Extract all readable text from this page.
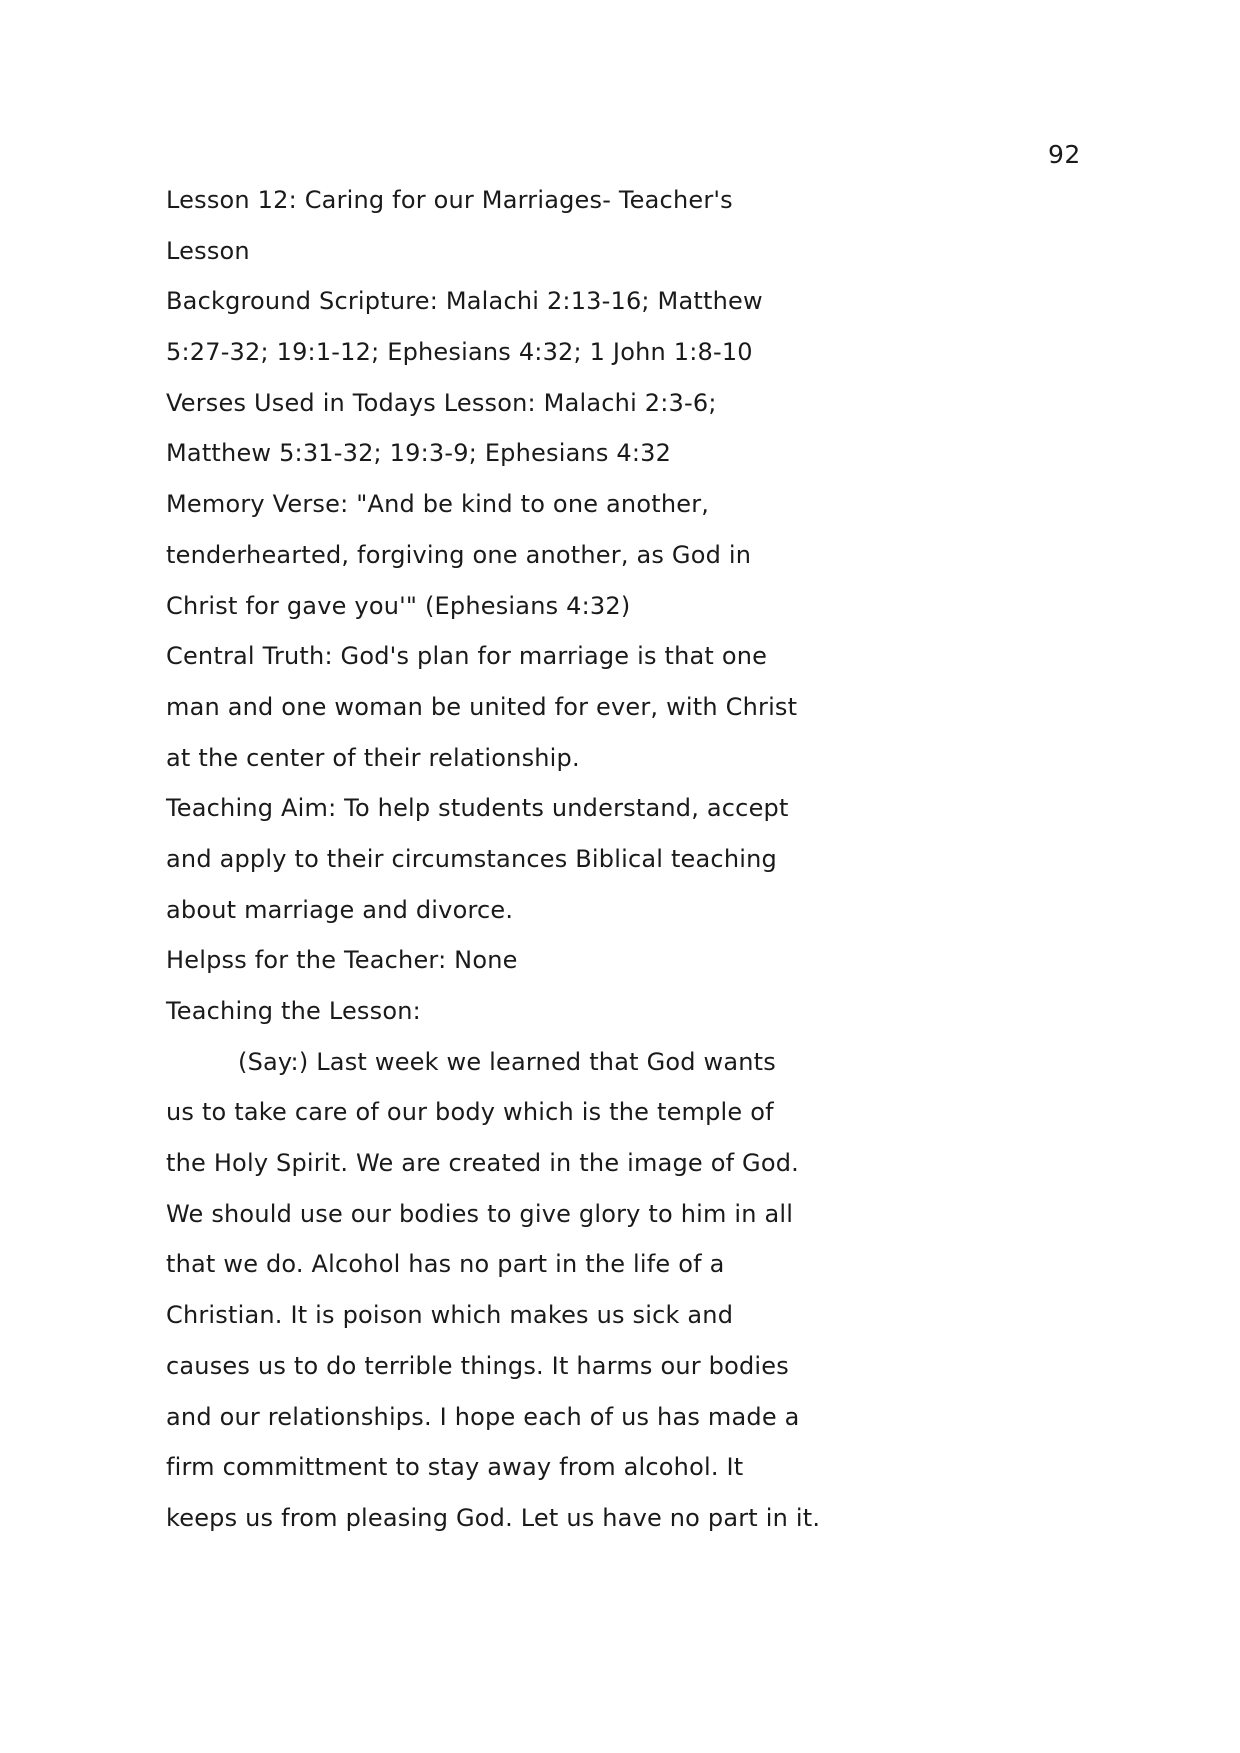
92
Lesson 12: Caring for our Marriages- Teacher's
Lesson
Background Scripture: Malachi 2:13-16; Matthew
5:27-32; 19:1-12; Ephesians 4:32; 1 John 1:8-10
Verses Used in Todays Lesson: Malachi 2:3-6;
Matthew 5:31-32; 19:3-9; Ephesians 4:32
Memory Verse: "And be kind to one another,
tenderhearted, forgiving one another, as God in
Christ for gave you'" (Ephesians 4:32)
Central Truth: God's plan for marriage is that one
man and one woman be united for ever, with Christ
at the center of their relationship.
Teaching Aim: To help students understand, accept
and apply to their circumstances Biblical teaching
about marriage and divorce.
Helpss for the Teacher: None
Teaching the Lesson:
(Say:) Last week we learned that God wants
us to take care of our body which is the temple of
the Holy Spirit. We are created in the image of God.
We should use our bodies to give glory to him in all
that we do. Alcohol has no part in the life of a
Christian. It is poison which makes us sick and
causes us to do terrible things. It harms our bodies
and our relationships. I hope each of us has made a
firm committment to stay away from alcohol. It
keeps us from pleasing God. Let us have no part in it.
